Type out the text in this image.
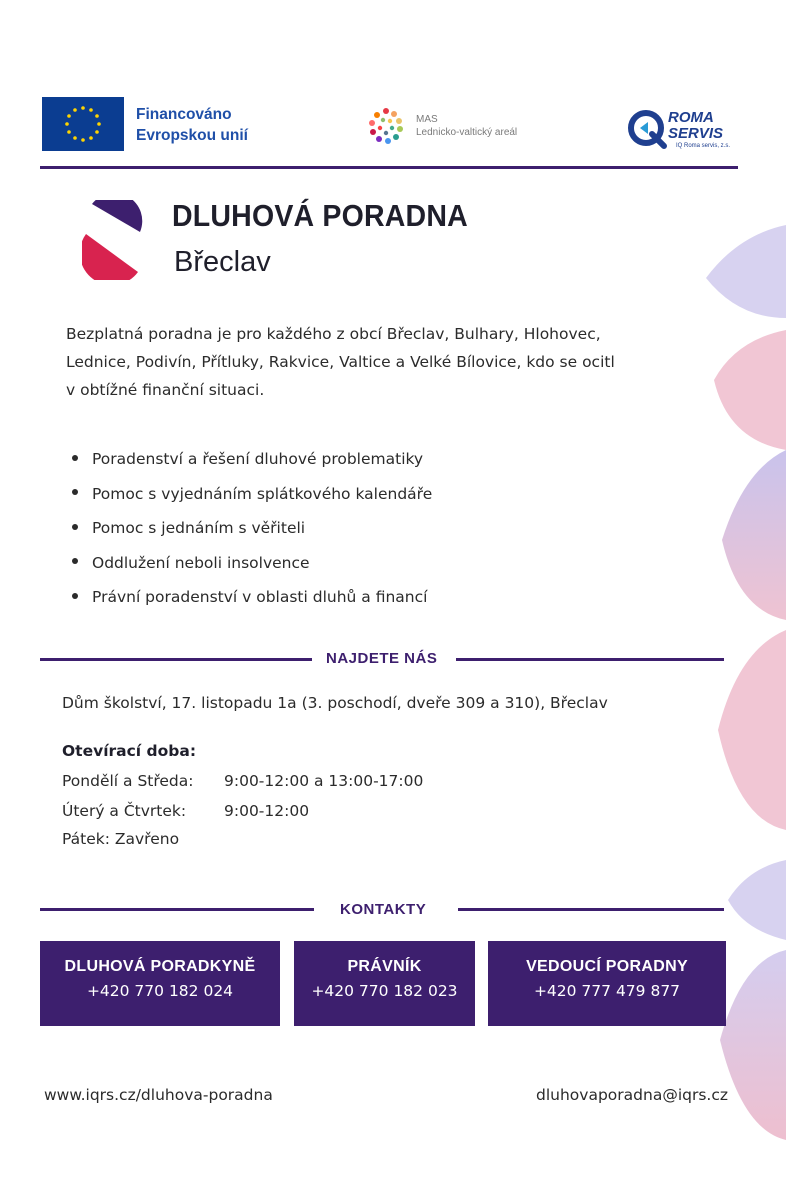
Financováno
Evropskou unií
MAS
Lednicko-valtický areál
ROMA
SERVIS
IQ Roma servis, z.s.
DLUHOVÁ PORADNA
Břeclav
Bezplatná poradna je pro každého z obcí Břeclav, Bulhary, Hlohovec,
Lednice, Podivín, Přítluky, Rakvice, Valtice a Velké Bílovice, kdo se ocitl
v obtížné finanční situaci.
Poradenství a řešení dluhové problematiky
Pomoc s vyjednáním splátkového kalendáře
Pomoc s jednáním s věřiteli
Oddlužení neboli insolvence
Právní poradenství v oblasti dluhů a financí
NAJDETE NÁS
Dům školství, 17. listopadu 1a (3. poschodí, dveře 309 a 310), Břeclav
Otevírací doba:
Pondělí a Středa: 9:00-12:00 a 13:00-17:00
Úterý a Čtvrtek: 9:00-12:00
Pátek: Zavřeno
KONTAKTY
DLUHOVÁ PORADKYNĚ
+420 770 182 024
PRÁVNÍK
+420 770 182 023
VEDOUCÍ PORADNY
+420 777 479 877
www.iqrs.cz/dluhova-poradna	dluhovaporadna@iqrs.cz
